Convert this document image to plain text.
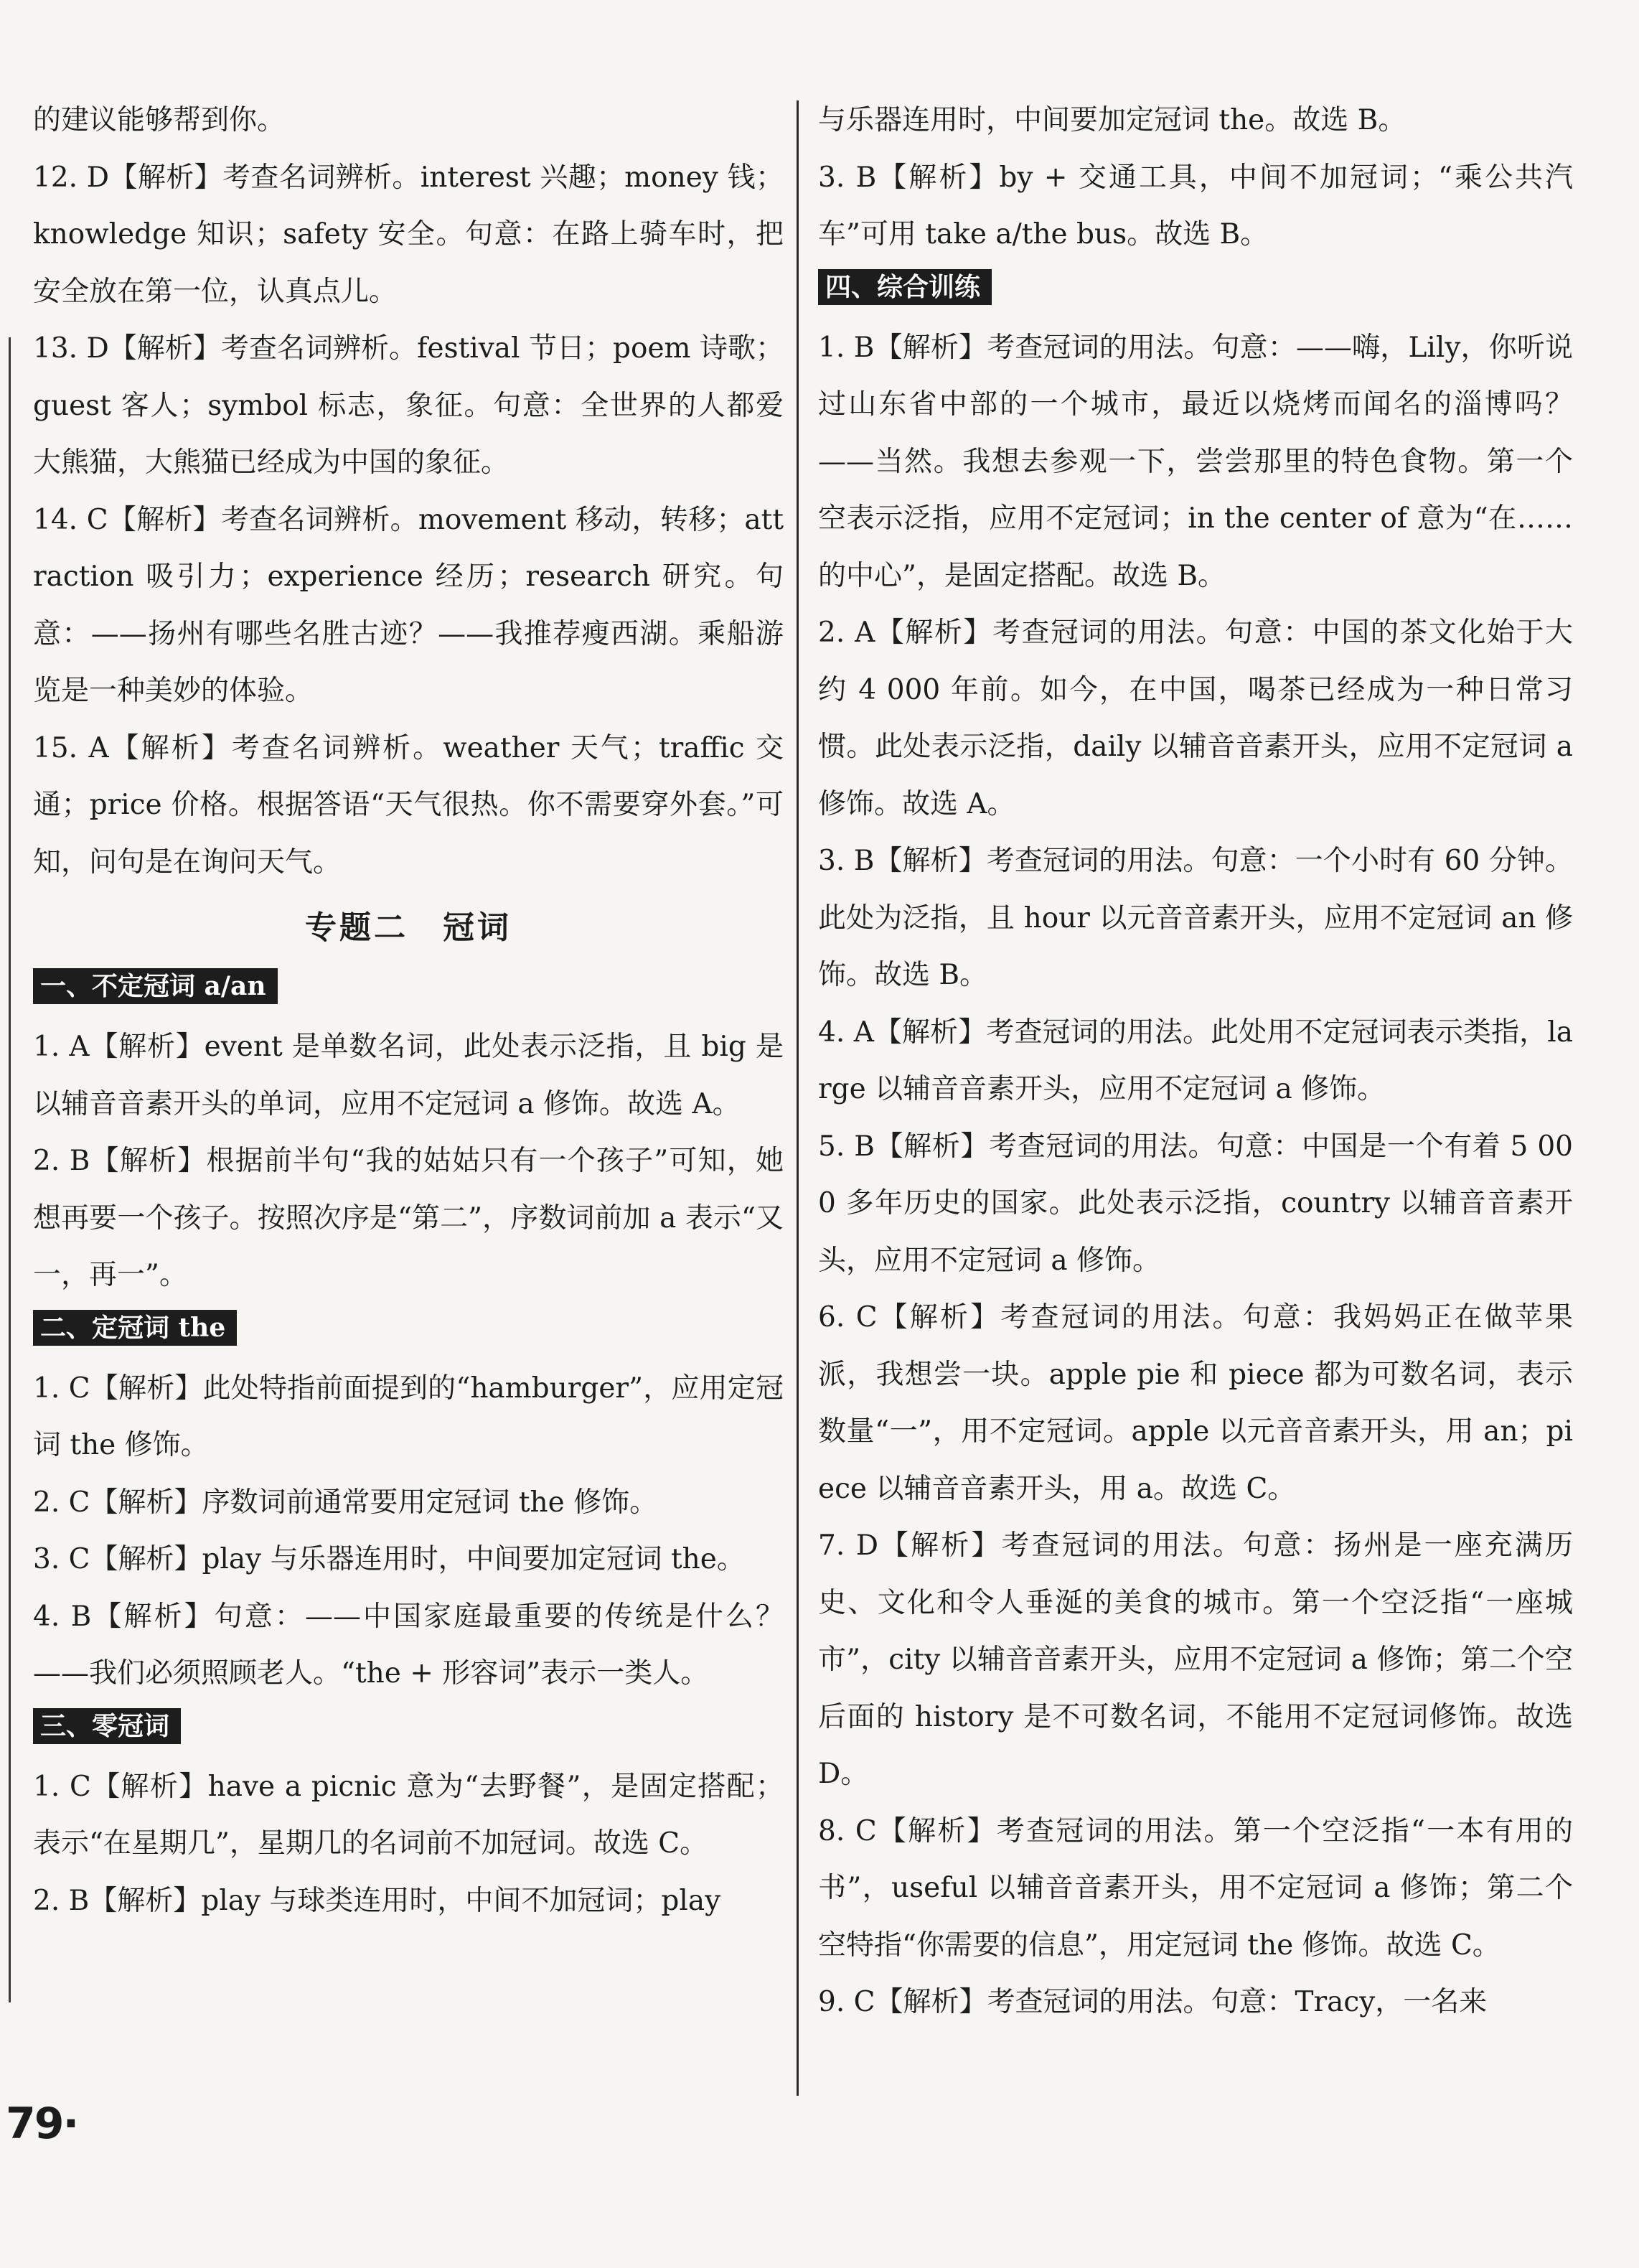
的建议能够帮到你。

12. D【解析】考查名词辨析。interest 兴趣；money 钱；knowledge 知识；safety 安全。句意：在路上骑车时，把安全放在第一位，认真点儿。

13. D【解析】考查名词辨析。festival 节日；poem 诗歌；guest 客人；symbol 标志，象征。句意：全世界的人都爱大熊猫，大熊猫已经成为中国的象征。

14. C【解析】考查名词辨析。movement 移动，转移；attraction 吸引力；experience 经历；research 研究。句意：——扬州有哪些名胜古迹？——我推荐瘦西湖。乘船游览是一种美妙的体验。

15. A【解析】考查名词辨析。weather 天气；traffic 交通；price 价格。根据答语“天气很热。你不需要穿外套。”可知，问句是在询问天气。

专题二　冠词
一、不定冠词 a/an

1. A【解析】event 是单数名词，此处表示泛指，且 big 是以辅音音素开头的单词，应用不定冠词 a 修饰。故选 A。

2. B【解析】根据前半句“我的姑姑只有一个孩子”可知，她想再要一个孩子。按照次序是“第二”，序数词前加 a 表示“又一，再一”。

二、定冠词 the

1. C【解析】此处特指前面提到的“hamburger”，应用定冠词 the 修饰。

2. C【解析】序数词前通常要用定冠词 the 修饰。

3. C【解析】play 与乐器连用时，中间要加定冠词 the。

4. B【解析】句意：——中国家庭最重要的传统是什么？——我们必须照顾老人。“the + 形容词”表示一类人。

三、零冠词

1. C【解析】have a picnic 意为“去野餐”，是固定搭配；表示“在星期几”，星期几的名词前不加冠词。故选 C。

2. B【解析】play 与球类连用时，中间不加冠词；play

与乐器连用时，中间要加定冠词 the。故选 B。

3. B【解析】by + 交通工具，中间不加冠词；“乘公共汽车”可用 take a/the bus。故选 B。

四、综合训练

1. B【解析】考查冠词的用法。句意：——嗨，Lily，你听说过山东省中部的一个城市，最近以烧烤而闻名的淄博吗？——当然。我想去参观一下，尝尝那里的特色食物。第一个空表示泛指，应用不定冠词；in the center of 意为“在……的中心”，是固定搭配。故选 B。

2. A【解析】考查冠词的用法。句意：中国的茶文化始于大约 4 000 年前。如今，在中国，喝茶已经成为一种日常习惯。此处表示泛指，daily 以辅音音素开头，应用不定冠词 a 修饰。故选 A。

3. B【解析】考查冠词的用法。句意：一个小时有 60 分钟。此处为泛指，且 hour 以元音音素开头，应用不定冠词 an 修饰。故选 B。

4. A【解析】考查冠词的用法。此处用不定冠词表示类指，large 以辅音音素开头，应用不定冠词 a 修饰。

5. B【解析】考查冠词的用法。句意：中国是一个有着 5 000 多年历史的国家。此处表示泛指，country 以辅音音素开头，应用不定冠词 a 修饰。

6. C【解析】考查冠词的用法。句意：我妈妈正在做苹果派，我想尝一块。apple pie 和 piece 都为可数名词，表示数量“一”，用不定冠词。apple 以元音音素开头，用 an；piece 以辅音音素开头，用 a。故选 C。

7. D【解析】考查冠词的用法。句意：扬州是一座充满历史、文化和令人垂涎的美食的城市。第一个空泛指“一座城市”，city 以辅音音素开头，应用不定冠词 a 修饰；第二个空后面的 history 是不可数名词，不能用不定冠词修饰。故选 D。

8. C【解析】考查冠词的用法。第一个空泛指“一本有用的书”，useful 以辅音音素开头，用不定冠词 a 修饰；第二个空特指“你需要的信息”，用定冠词 the 修饰。故选 C。

9. C【解析】考查冠词的用法。句意：Tracy，一名来

79·
